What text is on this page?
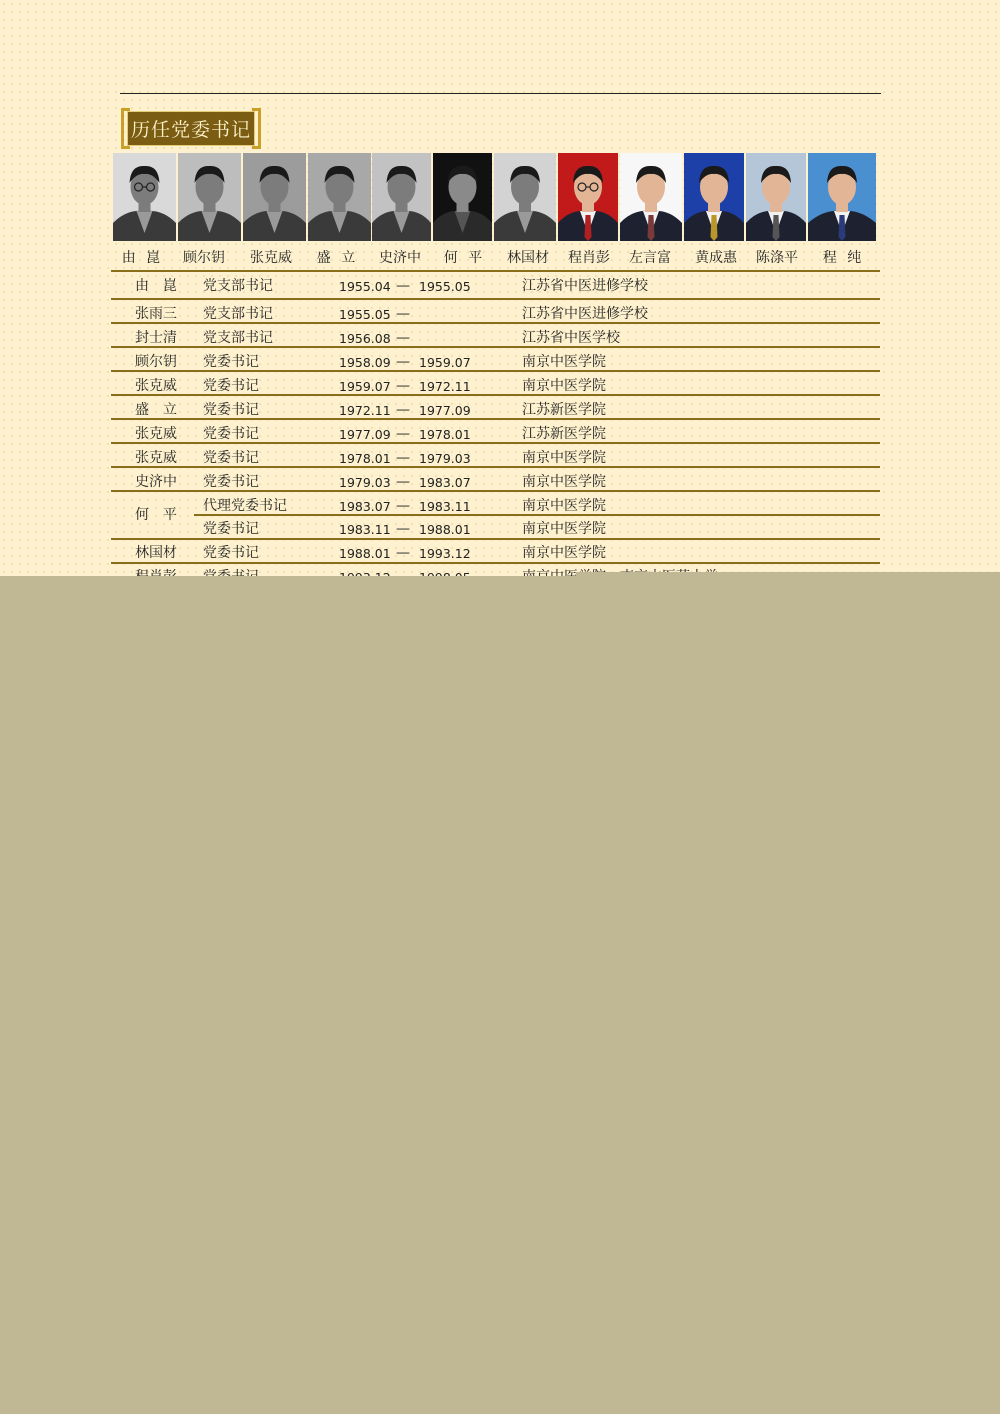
历任党委书记
由 崑	顾尔钥 张克威	盛 立	史济中	何 平	林国材 程肖彭 左言富 黄成惠 陈涤平	程 纯
由　崑 党支部书记	1955.04 — 1955.05	江苏省中医进修学校
张雨三 党支部书记	1955.05 —	江苏省中医进修学校
封士清 党支部书记	1956.08 —	江苏省中医学校
顾尔钥 党委书记	1958.09 — 1959.07	南京中医学院
张克威 党委书记	1959.07 — 1972.11	南京中医学院
盛　立 党委书记	1972.11 — 1977.09	江苏新医学院
张克威 党委书记	1977.09 — 1978.01	江苏新医学院
张克威 党委书记	1978.01 — 1979.03	南京中医学院
史济中 党委书记	1979.03 — 1983.07	南京中医学院
何　平
代理党委书记	1983.07 — 1983.11	南京中医学院
党委书记	1983.11 — 1988.01	南京中医学院
林国材 党委书记	1988.01 — 1993.12	南京中医学院
